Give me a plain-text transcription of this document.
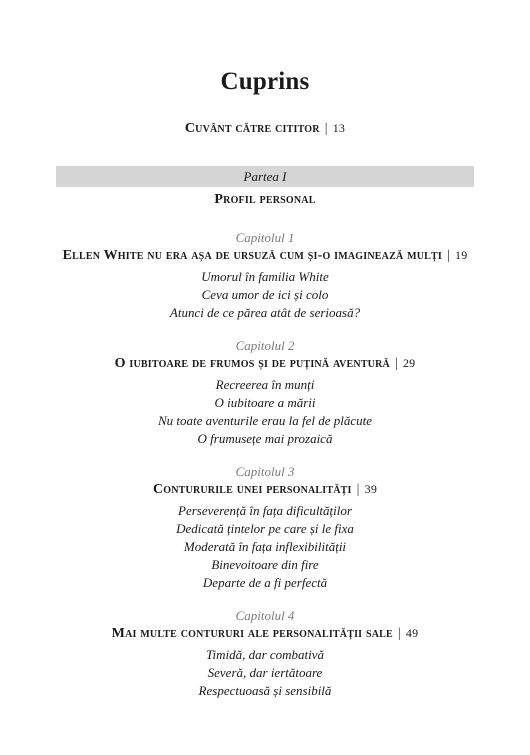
Cuprins
Cuvânt către cititor | 13
Partea I
Profil personal
Capitolul 1
Ellen White nu era așa de ursuză cum și-o imaginează mulți | 19
Umorul în familia White
Ceva umor de ici și colo
Atunci de ce părea atât de serioasă?
Capitolul 2
O iubitoare de frumos și de puțină aventură | 29
Recreerea în munți
O iubitoare a mării
Nu toate aventurile erau la fel de plăcute
O frumusețe mai prozaică
Capitolul 3
Contururile unei personalități | 39
Perseverență în fața dificultăților
Dedicată țintelor pe care și le fixa
Moderată în fața inflexibilității
Binevoitoare din fire
Departe de a fi perfectă
Capitolul 4
Mai multe contururi ale personalității sale | 49
Timidă, dar combativă
Severă, dar iertătoare
Respectuoasă și sensibilă
